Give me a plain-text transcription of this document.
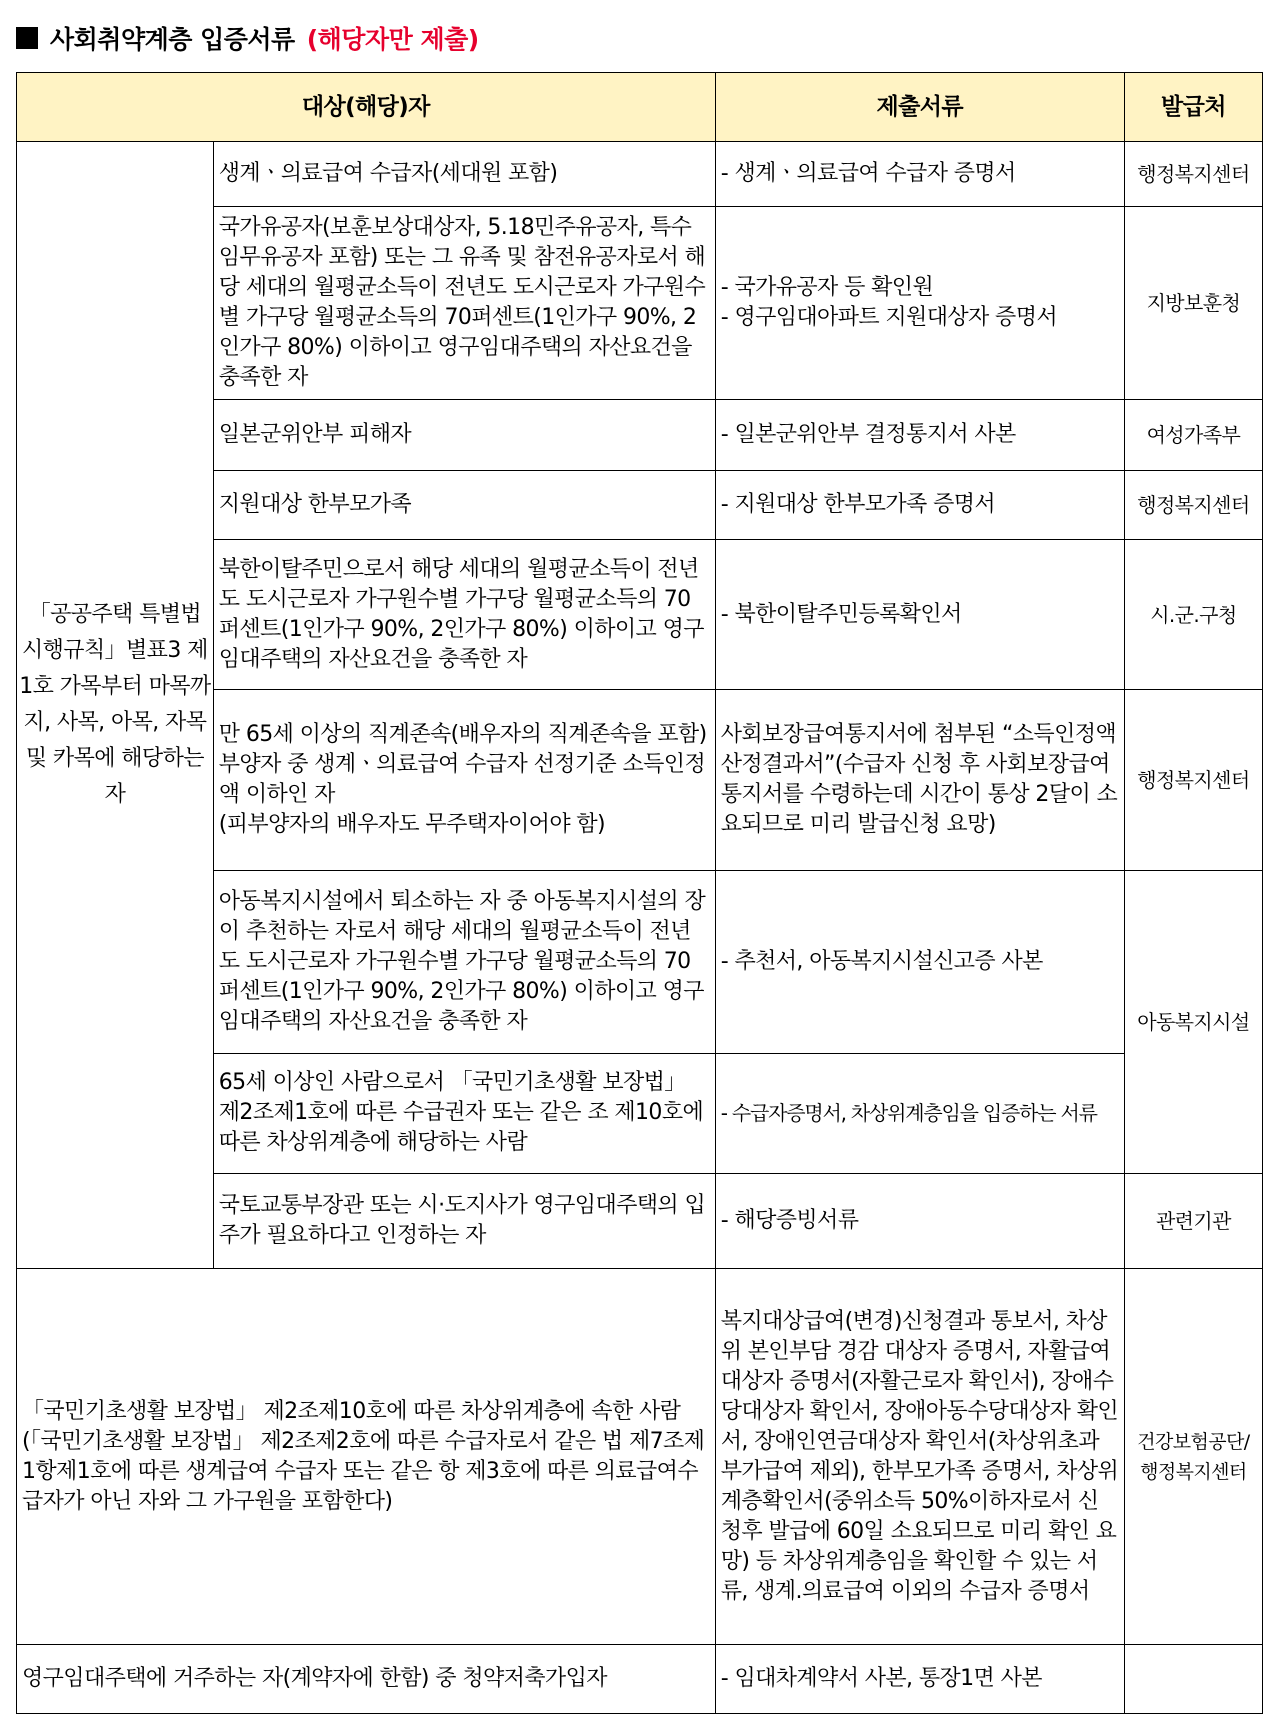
사회취약계층 입증서류 (해당자만 제출)
대상(해당)자		제출서류	발급처
「공공주택 특별법 시행규칙」별표3 제1호 가목부터 마목까지, 사목, 아목, 자목 및 카목에 해당하는 자	생계ㆍ의료급여 수급자(세대원 포함)	- 생계ㆍ의료급여 수급자 증명서	행정복지센터
	국가유공자(보훈보상대상자, 5.18민주유공자, 특수임무유공자 포함) 또는 그 유족 및 참전유공자로서 해당 세대의 월평균소득이 전년도 도시근로자 가구원수별 가구당 월평균소득의 70퍼센트(1인가구 90%, 2인가구 80%) 이하이고 영구임대주택의 자산요건을 충족한 자	- 국가유공자 등 확인원
- 영구임대아파트 지원대상자 증명서	지방보훈청
	일본군위안부 피해자	- 일본군위안부 결정통지서 사본	여성가족부
	지원대상 한부모가족	- 지원대상 한부모가족 증명서	행정복지센터
	북한이탈주민으로서 해당 세대의 월평균소득이 전년도 도시근로자 가구원수별 가구당 월평균소득의 70퍼센트(1인가구 90%, 2인가구 80%) 이하이고 영구임대주택의 자산요건을 충족한 자	- 북한이탈주민등록확인서	시.군.구청
	만 65세 이상의 직계존속(배우자의 직계존속을 포함) 부양자 중 생계ㆍ의료급여 수급자 선정기준 소득인정액 이하인 자
(피부양자의 배우자도 무주택자이어야 함)	사회보장급여통지서에 첨부된 “소득인정액 산정결과서”(수급자 신청 후 사회보장급여통지서를 수령하는데 시간이 통상 2달이 소요되므로 미리 발급신청 요망)	행정복지센터
	아동복지시설에서 퇴소하는 자 중 아동복지시설의 장이 추천하는 자로서 해당 세대의 월평균소득이 전년도 도시근로자 가구원수별 가구당 월평균소득의 70퍼센트(1인가구 90%, 2인가구 80%) 이하이고 영구임대주택의 자산요건을 충족한 자	- 추천서, 아동복지시설신고증 사본	아동복지시설
	65세 이상인 사람으로서 「국민기초생활 보장법」 제2조제1호에 따른 수급권자 또는 같은 조 제10호에 따른 차상위계층에 해당하는 사람	- 수급자증명서, 차상위계층임을 입증하는 서류	
	국토교통부장관 또는 시·도지사가 영구임대주택의 입주가 필요하다고 인정하는 자	- 해당증빙서류	관련기관
「국민기초생활 보장법」 제2조제10호에 따른 차상위계층에 속한 사람(「국민기초생활 보장법」 제2조제2호에 따른 수급자로서 같은 법 제7조제1항제1호에 따른 생계급여 수급자 또는 같은 항 제3호에 따른 의료급여수급자가 아닌 자와 그 가구원을 포함한다)		복지대상급여(변경)신청결과 통보서, 차상위 본인부담 경감 대상자 증명서, 자활급여대상자 증명서(자활근로자 확인서), 장애수당대상자 확인서, 장애아동수당대상자 확인서, 장애인연금대상자 확인서(차상위초과부가급여 제외), 한부모가족 증명서, 차상위계층확인서(중위소득 50%이하자로서 신청후 발급에 60일 소요되므로 미리 확인 요망) 등 차상위계층임을 확인할 수 있는 서류, 생계.의료급여 이외의 수급자 증명서	건강보험공단/
행정복지센터
영구임대주택에 거주하는 자(계약자에 한함) 중 청약저축가입자		- 임대차계약서 사본, 통장1면 사본	
